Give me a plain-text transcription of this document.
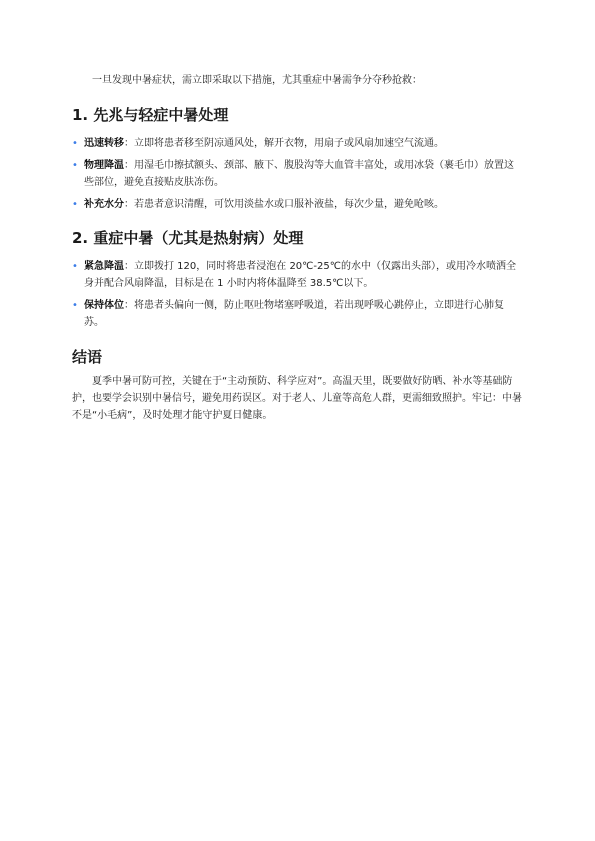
一旦发现中暑症状，需立即采取以下措施，尤其重症中暑需争分夺秒抢救：

1. 先兆与轻症中暑处理
• 迅速转移：立即将患者移至阴凉通风处，解开衣物，用扇子或风扇加速空气流通。
• 物理降温：用湿毛巾擦拭额头、颈部、腋下、腹股沟等大血管丰富处，或用冰袋（裹毛巾）放置这些部位，避免直接贴皮肤冻伤。
• 补充水分：若患者意识清醒，可饮用淡盐水或口服补液盐，每次少量，避免呛咳。
2. 重症中暑（尤其是热射病）处理
• 紧急降温：立即拨打 120，同时将患者浸泡在 20℃-25℃的水中（仅露出头部），或用冷水喷洒全身并配合风扇降温，目标是在 1 小时内将体温降至 38.5℃以下。
• 保持体位：将患者头偏向一侧，防止呕吐物堵塞呼吸道，若出现呼吸心跳停止，立即进行心肺复苏。
结语

夏季中暑可防可控，关键在于“主动预防、科学应对”。高温天里，既要做好防晒、补水等基础防护，也要学会识别中暑信号，避免用药误区。对于老人、儿童等高危人群，更需细致照护。牢记：中暑不是“小毛病”，及时处理才能守护夏日健康。
